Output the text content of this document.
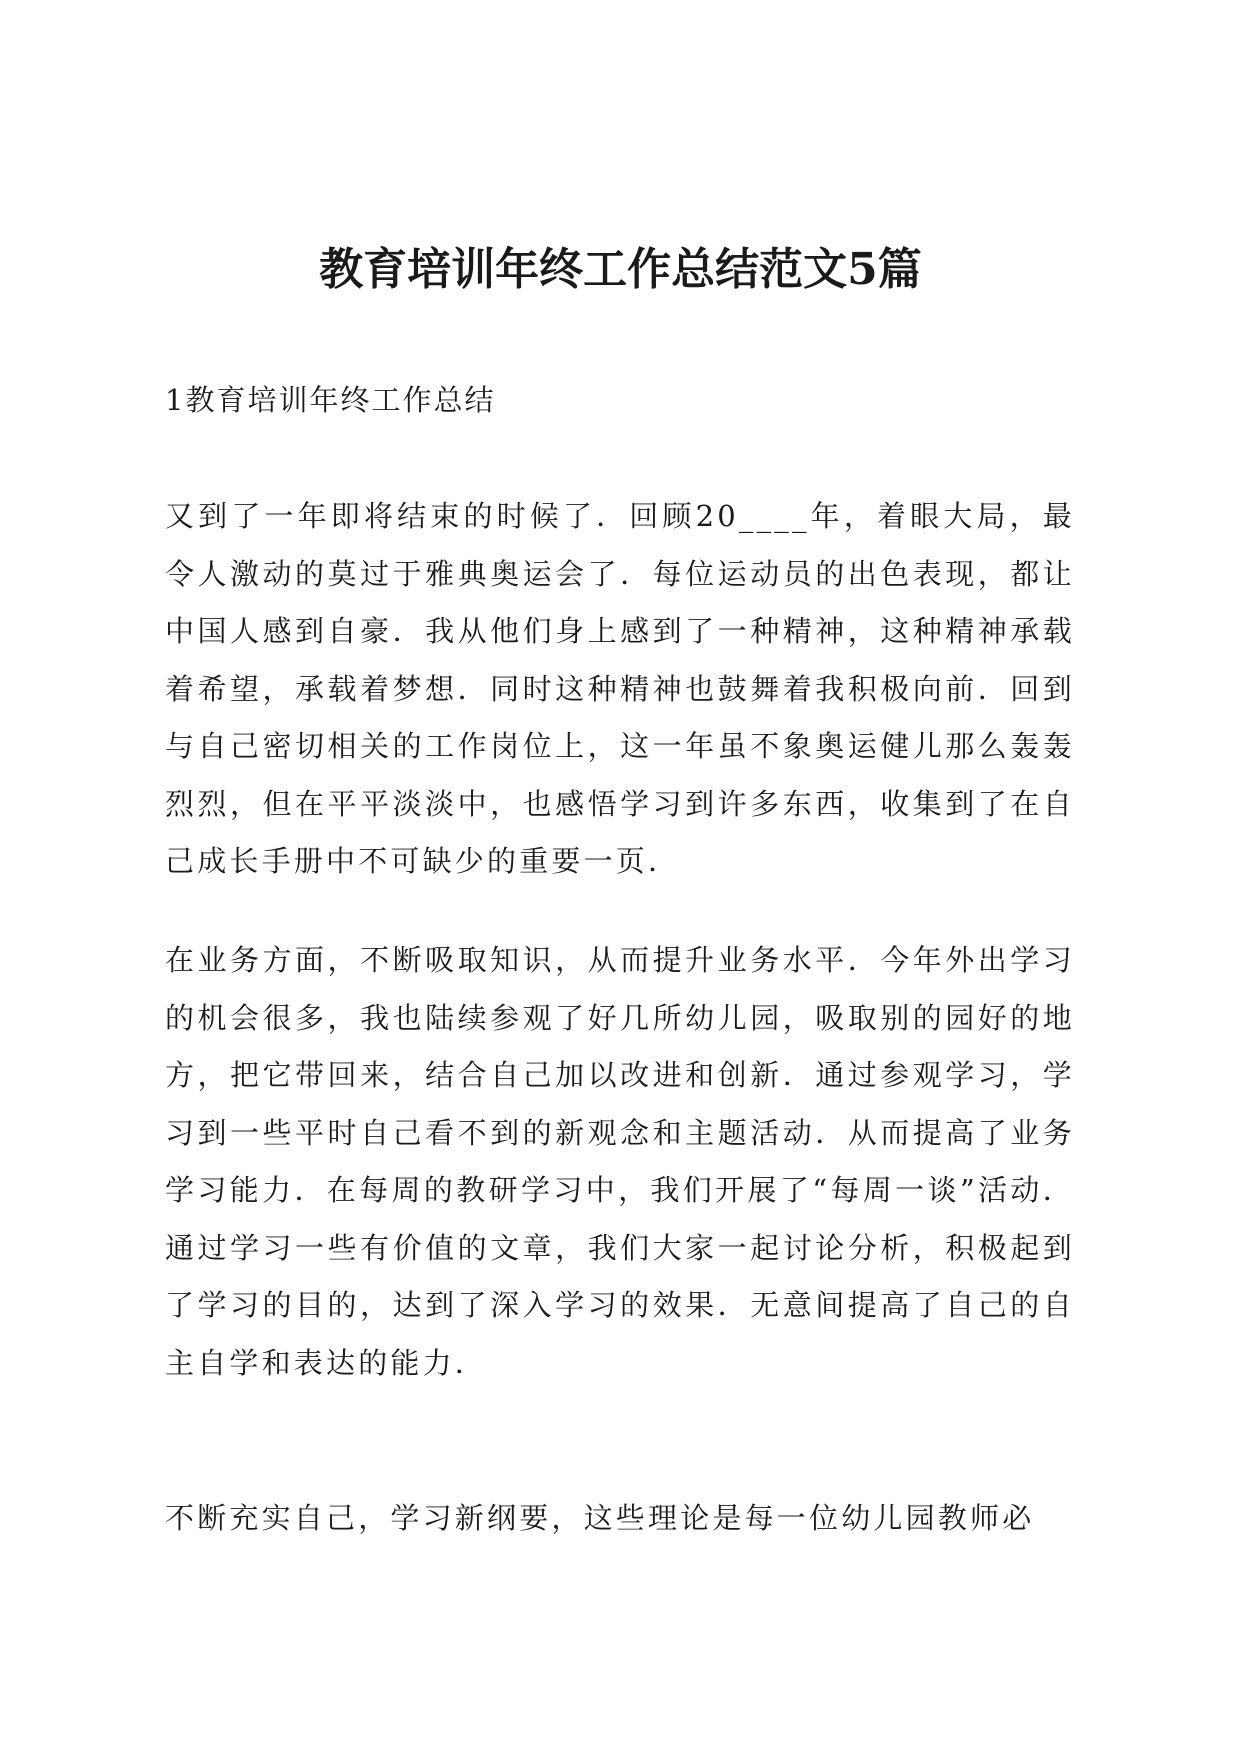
教育培训年终工作总结范文5篇

1教育培训年终工作总结

又到了一年即将结束的时候了．回顾20____年，着眼大局，最令人激动的莫过于雅典奥运会了．每位运动员的出色表现，都让中国人感到自豪．我从他们身上感到了一种精神，这种精神承载着希望，承载着梦想．同时这种精神也鼓舞着我积极向前．回到与自己密切相关的工作岗位上，这一年虽不象奥运健儿那么轰轰烈烈，但在平平淡淡中，也感悟学习到许多东西，收集到了在自己成长手册中不可缺少的重要一页．

在业务方面，不断吸取知识，从而提升业务水平．今年外出学习的机会很多，我也陆续参观了好几所幼儿园，吸取别的园好的地方，把它带回来，结合自己加以改进和创新．通过参观学习，学习到一些平时自己看不到的新观念和主题活动．从而提高了业务学习能力．在每周的教研学习中，我们开展了“每周一谈”活动．通过学习一些有价值的文章，我们大家一起讨论分析，积极起到了学习的目的，达到了深入学习的效果．无意间提高了自己的自主自学和表达的能力．

不断充实自己，学习新纲要，这些理论是每一位幼儿园教师必
